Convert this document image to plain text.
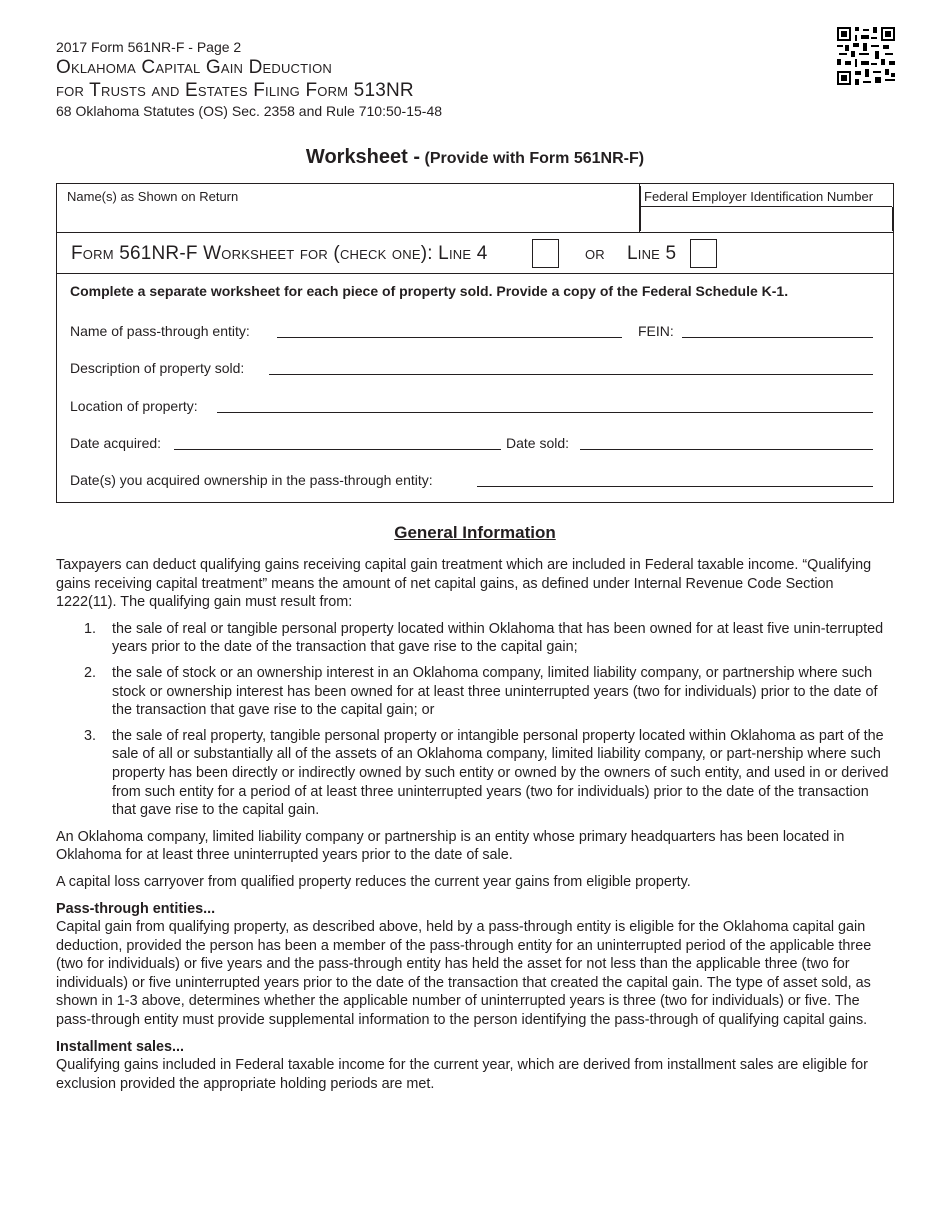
2017 Form 561NR-F - Page 2

Oklahoma Capital Gain Deduction

for Trusts and Estates Filing Form 513NR

68 Oklahoma Statutes (OS) Sec. 2358 and Rule 710:50-15-48

Worksheet - (Provide with Form 561NR-F)
Name(s) as Shown on Return	Federal Employer Identification Number
Form 561NR-F Worksheet for (check one): Line 4	or Line 5
Complete a separate worksheet for each piece of property sold. Provide a copy of the Federal Schedule K-1.
Name of pass-through entity:	FEIN:
Description of property sold:
Location of property:
Date acquired:	Date sold:
Date(s) you acquired ownership in the pass-through entity:
General Information

Taxpayers can deduct qualifying gains receiving capital gain treatment which are included in Federal taxable income. “Qualifying gains receiving capital treatment” means the amount of net capital gains, as defined under Internal Revenue Code Section 1222(11). The qualifying gain must result from:

1. the sale of real or tangible personal property located within Oklahoma that has been owned for at least five unin-terrupted years prior to the date of the transaction that gave rise to the capital gain;
2. the sale of stock or an ownership interest in an Oklahoma company, limited liability company, or partnership where such stock or ownership interest has been owned for at least three uninterrupted years (two for individuals) prior to the date of the transaction that gave rise to the capital gain; or
3. the sale of real property, tangible personal property or intangible personal property located within Oklahoma as part of the sale of all or substantially all of the assets of an Oklahoma company, limited liability company, or part-nership where such property has been directly or indirectly owned by such entity or owned by the owners of such entity, and used in or derived from such entity for a period of at least three uninterrupted years (two for individuals) prior to the date of the transaction that gave rise to the capital gain.

An Oklahoma company, limited liability company or partnership is an entity whose primary headquarters has been located in Oklahoma for at least three uninterrupted years prior to the date of sale.

A capital loss carryover from qualified property reduces the current year gains from eligible property.

Pass-through entities...

Capital gain from qualifying property, as described above, held by a pass-through entity is eligible for the Oklahoma capital gain deduction, provided the person has been a member of the pass-through entity for an uninterrupted period of the applicable three (two for individuals) or five years and the pass-through entity has held the asset for not less than the applicable three (two for individuals) or five uninterrupted years prior to the date of the transaction that created the capital gain. The type of asset sold, as shown in 1-3 above, determines whether the applicable number of uninterrupted years is three (two for individuals) or five. The pass-through entity must provide supplemental information to the person identifying the pass-through of qualifying capital gains.

Installment sales...

Qualifying gains included in Federal taxable income for the current year, which are derived from installment sales are eligible for exclusion provided the appropriate holding periods are met.
